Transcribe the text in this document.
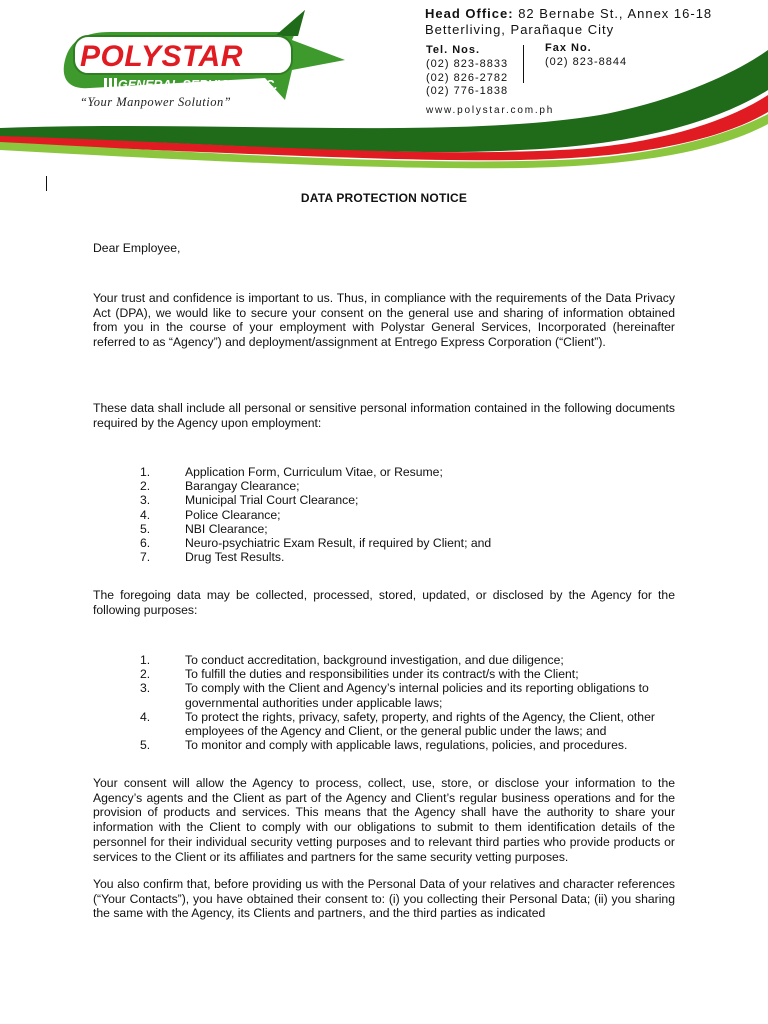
POLYSTAR
GENERAL SERVICES, INC.
“Your Manpower Solution”
Head Office: 82 Bernabe St., Annex 16-18
Betterliving, Parañaque City
Tel. Nos.
(02) 823-8833
(02) 826-2782
(02) 776-1838
Fax No.
(02) 823-8844
www.polystar.com.ph
DATA PROTECTION NOTICE

Dear Employee,

Your trust and confidence is important to us. Thus, in compliance with the requirements of the Data Privacy Act (DPA), we would like to secure your consent on the general use and sharing of information obtained from you in the course of your employment with Polystar General Services, Incorporated (hereinafter referred to as “Agency”) and deployment/assignment at Entrego Express Corporation (“Client”).

These data shall include all personal or sensitive personal information contained in the following documents required by the Agency upon employment:

1.	Application Form, Curriculum Vitae, or Resume;
2.	Barangay Clearance;
3.	Municipal Trial Court Clearance;
4.	Police Clearance;
5.	NBI Clearance;
6.	Neuro-psychiatric Exam Result, if required by Client; and
7.	Drug Test Results.

The foregoing data may be collected, processed, stored, updated, or disclosed by the Agency for the following purposes:

1.	To conduct accreditation, background investigation, and due diligence;
2.	To fulfill the duties and responsibilities under its contract/s with the Client;
3.	To comply with the Client and Agency’s internal policies and its reporting obligations to governmental authorities under applicable laws;
4.	To protect the rights, privacy, safety, property, and rights of the Agency, the Client, other employees of the Agency and Client, or the general public under the laws; and
5.	To monitor and comply with applicable laws, regulations, policies, and procedures.

Your consent will allow the Agency to process, collect, use, store, or disclose your information to the Agency’s agents and the Client as part of the Agency and Client’s regular business operations and for the provision of products and services. This means that the Agency shall have the authority to share your information with the Client to comply with our obligations to submit to them identification details of the personnel for their individual security vetting purposes and to relevant third parties who provide products or services to the Client or its affiliates and partners for the same security vetting purposes.

You also confirm that, before providing us with the Personal Data of your relatives and character references (“Your Contacts”), you have obtained their consent to: (i) you collecting their Personal Data; (ii) you sharing the same with the Agency, its Clients and partners, and the third parties as indicated
